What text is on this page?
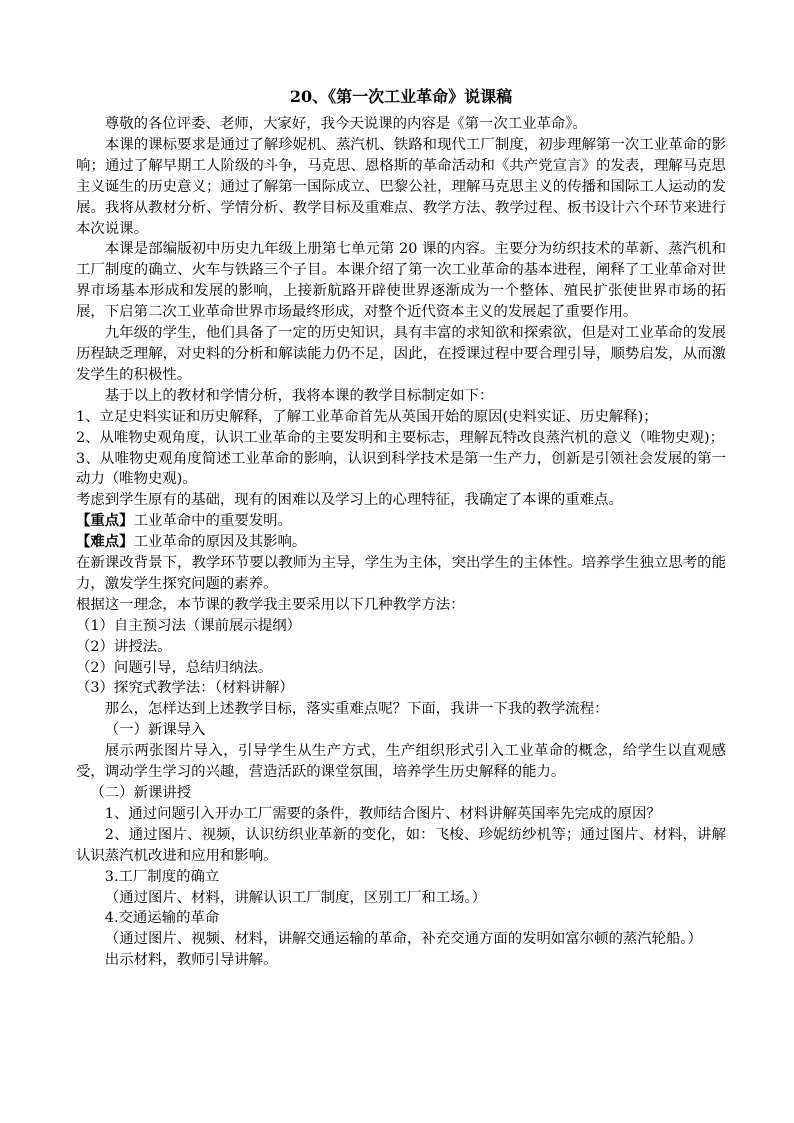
20、《第一次工业革命》说课稿

尊敬的各位评委、老师，大家好，我今天说课的内容是《第一次工业革命》。

本课的课标要求是通过了解珍妮机、蒸汽机、铁路和现代工厂制度，初步理解第一次工业革命的影响；通过了解早期工人阶级的斗争，马克思、恩格斯的革命活动和《共产党宣言》的发表，理解马克思主义诞生的历史意义；通过了解第一国际成立、巴黎公社，理解马克思主义的传播和国际工人运动的发展。我将从教材分析、学情分析、教学目标及重难点、教学方法、教学过程、板书设计六个环节来进行本次说课。

本课是部编版初中历史九年级上册第七单元第 20 课的内容。主要分为纺织技术的革新、蒸汽机和工厂制度的确立、火车与铁路三个子目。本课介绍了第一次工业革命的基本进程，阐释了工业革命对世界市场基本形成和发展的影响，上接新航路开辟使世界逐渐成为一个整体、殖民扩张使世界市场的拓展，下启第二次工业革命世界市场最终形成，对整个近代资本主义的发展起了重要作用。

九年级的学生，他们具备了一定的历史知识，具有丰富的求知欲和探索欲，但是对工业革命的发展历程缺乏理解，对史料的分析和解读能力仍不足，因此，在授课过程中要合理引导，顺势启发，从而激发学生的积极性。

基于以上的教材和学情分析，我将本课的教学目标制定如下：

1、立足史料实证和历史解释，了解工业革命首先从英国开始的原因(史料实证、历史解释)；

2、从唯物史观角度，认识工业革命的主要发明和主要标志，理解瓦特改良蒸汽机的意义（唯物史观)；

3、从唯物史观角度简述工业革命的影响，认识到科学技术是第一生产力，创新是引领社会发展的第一动力（唯物史观)。

考虑到学生原有的基础，现有的困难以及学习上的心理特征，我确定了本课的重难点。

【重点】工业革命中的重要发明。

【难点】工业革命的原因及其影响。

在新课改背景下，教学环节要以教师为主导，学生为主体，突出学生的主体性。培养学生独立思考的能力，激发学生探究问题的素养。

根据这一理念，本节课的教学我主要采用以下几种教学方法：

（1）自主预习法（课前展示提纲）

（2）讲授法。

（2）问题引导，总结归纳法。

（3）探究式教学法：（材料讲解）

那么，怎样达到上述教学目标，落实重难点呢？下面，我讲一下我的教学流程：

（一）新课导入

展示两张图片导入，引导学生从生产方式，生产组织形式引入工业革命的概念，给学生以直观感受，调动学生学习的兴趣，营造活跃的课堂氛围，培养学生历史解释的能力。

（二）新课讲授

1、通过问题引入开办工厂需要的条件，教师结合图片、材料讲解英国率先完成的原因？

2、通过图片、视频，认识纺织业革新的变化，如：飞梭、珍妮纺纱机等；通过图片、材料，讲解认识蒸汽机改进和应用和影响。

3.工厂制度的确立

（通过图片、材料，讲解认识工厂制度，区别工厂和工场。）

4.交通运输的革命

（通过图片、视频、材料，讲解交通运输的革命，补充交通方面的发明如富尔顿的蒸汽轮船。）

出示材料，教师引导讲解。
